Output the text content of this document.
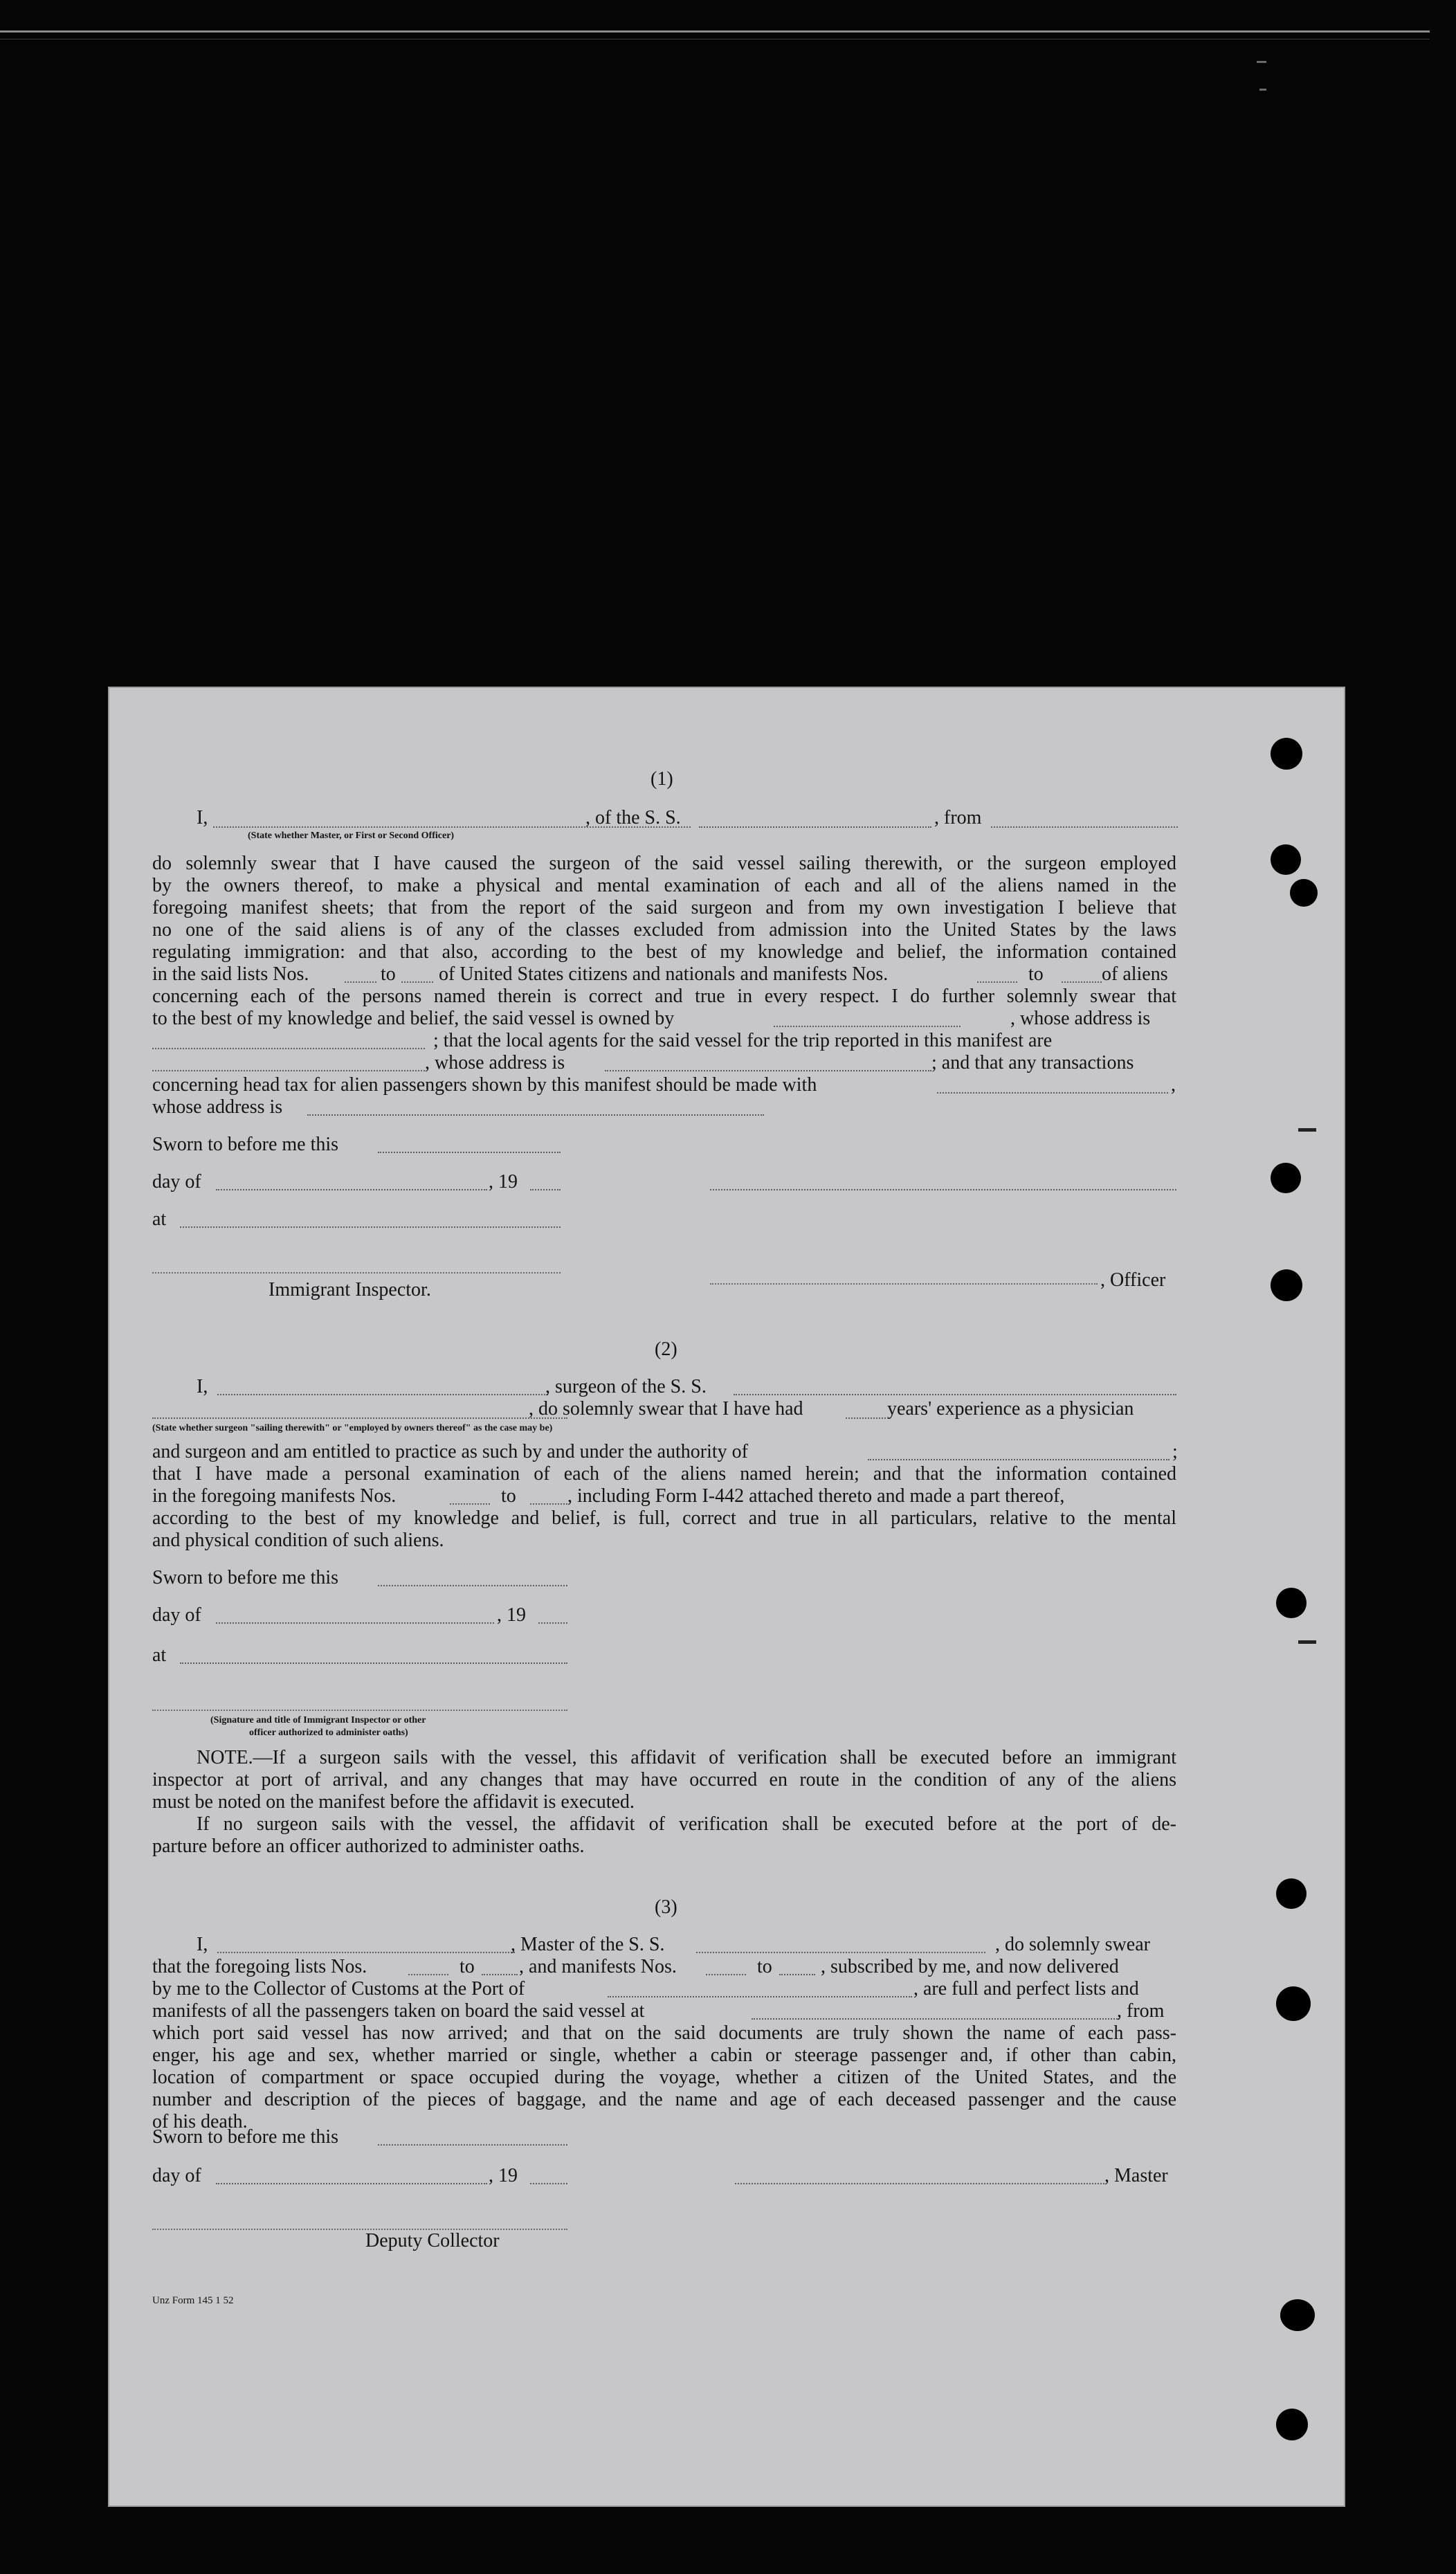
(1)
I,	, of the S. S.	, from
(State whether Master, or First or Second Officer)
do solemnly swear that I have caused the surgeon of the said vessel sailing therewith, or the surgeon employed
by the owners thereof, to make a physical and mental examination of each and all of the aliens named in the
foregoing manifest sheets; that from the report of the said surgeon and from my own investigation I believe that
no one of the said aliens is of any of the classes excluded from admission into the United States by the laws
regulating immigration: and that also, according to the best of my knowledge and belief, the information contained
in the said lists Nos.	to of United States citizens and nationals and manifests Nos.	to	of aliens
concerning each of the persons named therein is correct and true in every respect. I do further solemnly swear that
to the best of my knowledge and belief, the said vessel is owned by	, whose address is
; that the local agents for the said vessel for the trip reported in this manifest are
, whose address is	; and that any transactions
concerning head tax for alien passengers shown by this manifest should be made with	,
whose address is
Sworn to before me this
day of	, 19
at
Immigrant Inspector.	, Officer
(2)
I,	, surgeon of the S. S.
, do solemnly swear that I have had	years' experience as a physician
(State whether surgeon "sailing therewith" or "employed by owners thereof" as the case may be)
and surgeon and am entitled to practice as such by and under the authority of	;
that I have made a personal examination of each of the aliens named herein; and that the information contained
in the foregoing manifests Nos.	to	, including Form I-442 attached thereto and made a part thereof,
according to the best of my knowledge and belief, is full, correct and true in all particulars, relative to the mental
and physical condition of such aliens.
Sworn to before me this
day of	, 19
at
(Signature and title of Immigrant Inspector or other
officer authorized to administer oaths)
NOTE.—If a surgeon sails with the vessel, this affidavit of verification shall be executed before an immigrant
inspector at port of arrival, and any changes that may have occurred en route in the condition of any of the aliens
must be noted on the manifest before the affidavit is executed.
If no surgeon sails with the vessel, the affidavit of verification shall be executed before at the port of de-
parture before an officer authorized to administer oaths.
(3)
I,	, Master of the S. S.	, do solemnly swear
that the foregoing lists Nos.	to , and manifests Nos.	to	, subscribed by me, and now delivered
by me to the Collector of Customs at the Port of	, are full and perfect lists and
manifests of all the passengers taken on board the said vessel at	, from
which port said vessel has now arrived; and that on the said documents are truly shown the name of each pass-
enger, his age and sex, whether married or single, whether a cabin or steerage passenger and, if other than cabin,
location of compartment or space occupied during the voyage, whether a citizen of the United States, and the
number and description of the pieces of baggage, and the name and age of each deceased passenger and the cause
of his death.
Sworn to before me this
day of	, 19	, Master
Deputy Collector
Unz Form 145 1 52
